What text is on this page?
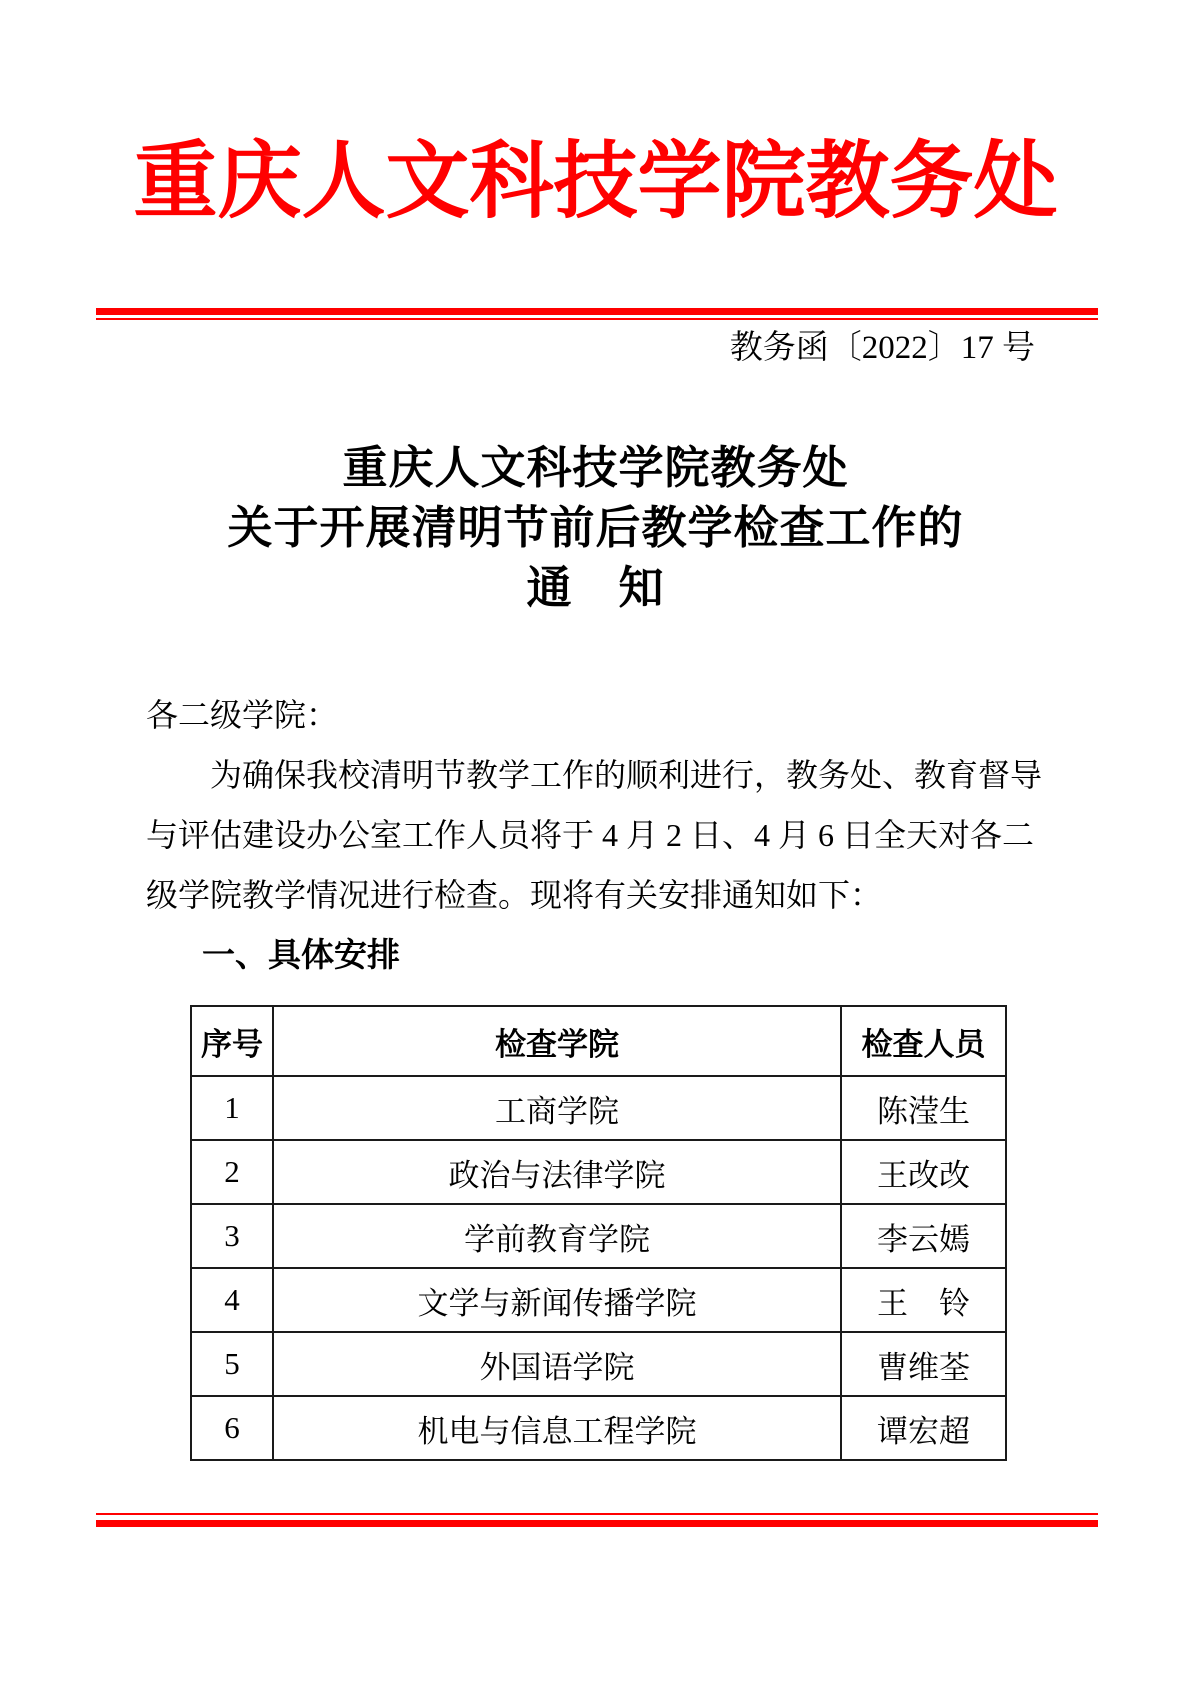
重庆人文科技学院教务处
教务函〔2022〕17 号
重庆人文科技学院教务处
关于开展清明节前后教学检查工作的
通　知
各二级学院：
为确保我校清明节教学工作的顺利进行，教务处、教育督导
与评估建设办公室工作人员将于 4 月 2 日、4 月 6 日全天对各二
级学院教学情况进行检查。现将有关安排通知如下：
一、具体安排
序号	检查学院	检查人员
1	工商学院	陈滢生
2	政治与法律学院	王改改
3	学前教育学院	李云嫣
4	文学与新闻传播学院	王　铃
5	外国语学院	曹维荃
6	机电与信息工程学院	谭宏超
